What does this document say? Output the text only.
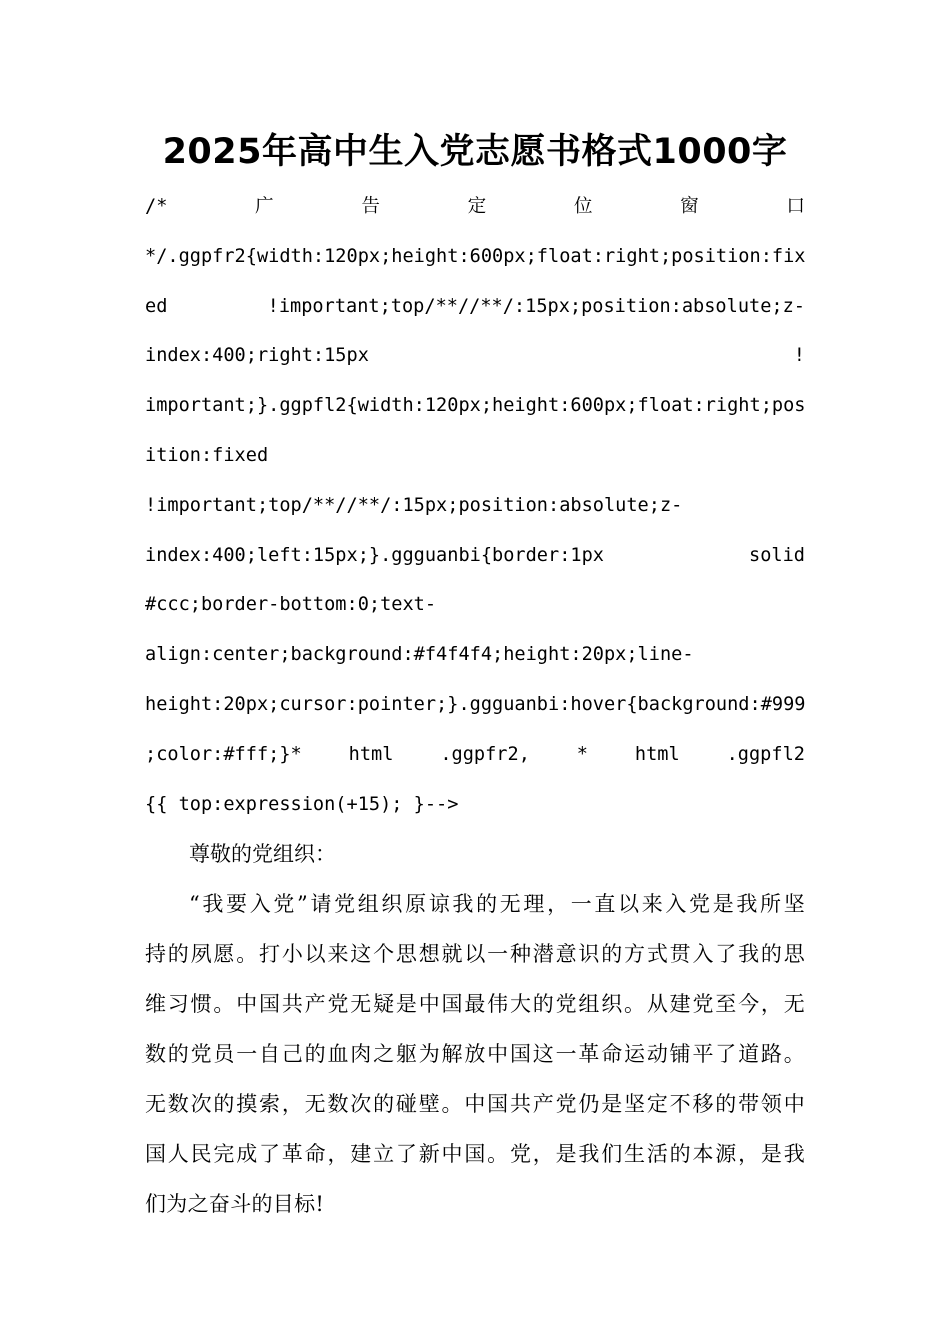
2025年高中生入党志愿书格式1000字
/*	广	告	定	位	窗	口
*/.ggpfr2{width:120px;height:600px;float:right;position:fix
ed	!important;top/**//**/:15px;position:absolute;z-
index:400;right:15px	!
important;}.ggpfl2{width:120px;height:600px;float:right;pos
ition:fixed
!important;top/**//**/:15px;position:absolute;z-
index:400;left:15px;}.ggguanbi{border:1px	solid
#ccc;border-bottom:0;text-
align:center;background:#f4f4f4;height:20px;line-
height:20px;cursor:pointer;}.ggguanbi:hover{background:#999
;color:#fff;}*	html	.ggpfr2,	*	html	.ggpfl2
{{ top:expression(+15); }-->
尊敬的党组织：
“我要入党”请党组织原谅我的无理，一直以来入党是我所坚
持的夙愿。打小以来这个思想就以一种潜意识的方式贯入了我的思
维习惯。中国共产党无疑是中国最伟大的党组织。从建党至今，无
数的党员一自己的血肉之躯为解放中国这一革命运动铺平了道路。
无数次的摸索，无数次的碰壁。中国共产党仍是坚定不移的带领中
国人民完成了革命，建立了新中国。党，是我们生活的本源，是我
们为之奋斗的目标!
